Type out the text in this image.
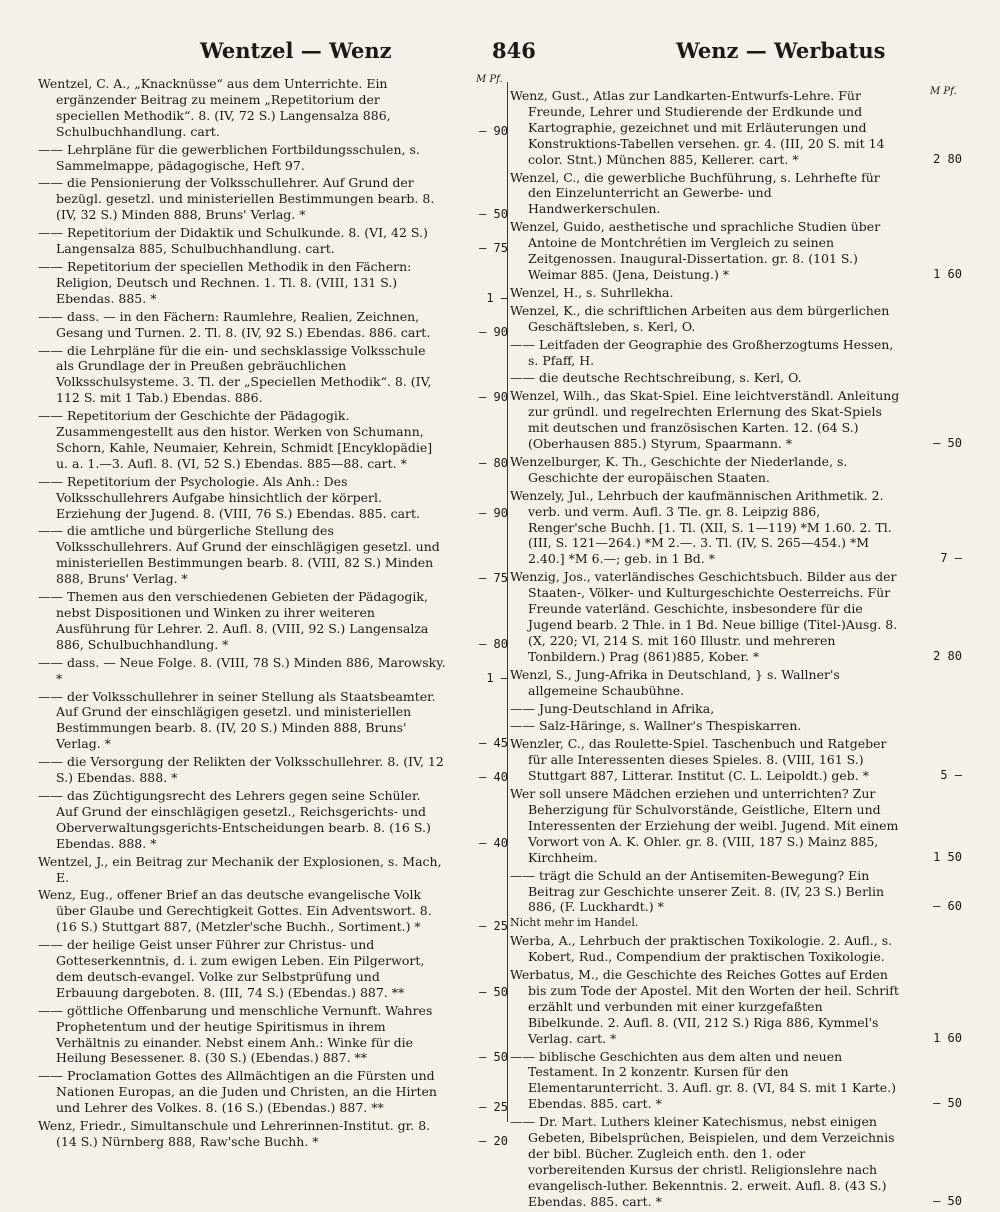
Wentzel — Wenz	846	Wenz — Werbatus
M Pf.
M Pf.
Wentzel, C. A., „Knacknüsse“ aus dem Unterrichte. Ein ergänzender Beitrag zu meinem „Repetitorium der speciellen Methodik“. 8. (IV, 72 S.) Langensalza 886, Schulbuchhandlung. cart.	— 90
—— Lehrpläne für die gewerblichen Fortbildungsschulen, s. Sammelmappe, pädagogische, Heft 97.
—— die Pensionierung der Volksschullehrer. Auf Grund der bezügl. gesetzl. und ministeriellen Bestimmungen bearb. 8. (IV, 32 S.) Minden 888, Bruns' Verlag. *	— 50
—— Repetitorium der Didaktik und Schulkunde. 8. (VI, 42 S.) Langensalza 885, Schulbuchhandlung. cart.	— 75
—— Repetitorium der speciellen Methodik in den Fächern: Religion, Deutsch und Rechnen. 1. Tl. 8. (VIII, 131 S.) Ebendas. 885. *	1 —
—— dass. — in den Fächern: Raumlehre, Realien, Zeichnen, Gesang und Turnen. 2. Tl. 8. (IV, 92 S.) Ebendas. 886. cart.	— 90
—— die Lehrpläne für die ein- und sechsklassige Volksschule als Grundlage der in Preußen gebräuchlichen Volksschulsysteme. 3. Tl. der „Speciellen Methodik“. 8. (IV, 112 S. mit 1 Tab.) Ebendas. 886.	— 90
—— Repetitorium der Geschichte der Pädagogik. Zusammengestellt aus den histor. Werken von Schumann, Schorn, Kahle, Neumaier, Kehrein, Schmidt [Encyklopädie] u. a. 1.—3. Aufl. 8. (VI, 52 S.) Ebendas. 885—88. cart. *	— 80
—— Repetitorium der Psychologie. Als Anh.: Des Volksschullehrers Aufgabe hinsichtlich der körperl. Erziehung der Jugend. 8. (VIII, 76 S.) Ebendas. 885. cart.	— 90
—— die amtliche und bürgerliche Stellung des Volksschullehrers. Auf Grund der einschlägigen gesetzl. und ministeriellen Bestimmungen bearb. 8. (VIII, 82 S.) Minden 888, Bruns' Verlag. *	— 75
—— Themen aus den verschiedenen Gebieten der Pädagogik, nebst Dispositionen und Winken zu ihrer weiteren Ausführung für Lehrer. 2. Aufl. 8. (VIII, 92 S.) Langensalza 886, Schulbuchhandlung. *	— 80
—— dass. — Neue Folge. 8. (VIII, 78 S.) Minden 886, Marowsky. *	1 —
—— der Volksschullehrer in seiner Stellung als Staatsbeamter. Auf Grund der einschlägigen gesetzl. und ministeriellen Bestimmungen bearb. 8. (IV, 20 S.) Minden 888, Bruns' Verlag. *	— 45
—— die Versorgung der Relikten der Volksschullehrer. 8. (IV, 12 S.) Ebendas. 888. *	— 40
—— das Züchtigungsrecht des Lehrers gegen seine Schüler. Auf Grund der einschlägigen gesetzl., Reichsgerichts- und Oberverwaltungsgerichts-Entscheidungen bearb. 8. (16 S.) Ebendas. 888. *	— 40
Wentzel, J., ein Beitrag zur Mechanik der Explosionen, s. Mach, E.
Wenz, Eug., offener Brief an das deutsche evangelische Volk über Glaube und Gerechtigkeit Gottes. Ein Adventswort. 8. (16 S.) Stuttgart 887, (Metzler'sche Buchh., Sortiment.) *	— 25
—— der heilige Geist unser Führer zur Christus- und Gotteserkenntnis, d. i. zum ewigen Leben. Ein Pilgerwort, dem deutsch-evangel. Volke zur Selbstprüfung und Erbauung dargeboten. 8. (III, 74 S.) (Ebendas.) 887. **	— 50
—— göttliche Offenbarung und menschliche Vernunft. Wahres Prophetentum und der heutige Spiritismus in ihrem Verhältnis zu einander. Nebst einem Anh.: Winke für die Heilung Besessener. 8. (30 S.) (Ebendas.) 887. **	— 50
—— Proclamation Gottes des Allmächtigen an die Fürsten und Nationen Europas, an die Juden und Christen, an die Hirten und Lehrer des Volkes. 8. (16 S.) (Ebendas.) 887. **	— 25
Wenz, Friedr., Simultanschule und Lehrerinnen-Institut. gr. 8. (14 S.) Nürnberg 888, Raw'sche Buchh. *	— 20
Wenz, Gust., Atlas zur Landkarten-Entwurfs-Lehre. Für Freunde, Lehrer und Studierende der Erdkunde und Kartographie, gezeichnet und mit Erläuterungen und Konstruktions-Tabellen versehen. gr. 4. (III, 20 S. mit 14 color. Stnt.) München 885, Kellerer. cart. *	2 80
Wenzel, C., die gewerbliche Buchführung, s. Lehrhefte für den Einzelunterricht an Gewerbe- und Handwerkerschulen.
Wenzel, Guido, aesthetische und sprachliche Studien über Antoine de Montchrétien im Vergleich zu seinen Zeitgenossen. Inaugural-Dissertation. gr. 8. (101 S.) Weimar 885. (Jena, Deistung.) *	1 60
Wenzel, H., s. Suhrllekha.
Wenzel, K., die schriftlichen Arbeiten aus dem bürgerlichen Geschäftsleben, s. Kerl, O.
—— Leitfaden der Geographie des Großherzogtums Hessen, s. Pfaff, H.
—— die deutsche Rechtschreibung, s. Kerl, O.
Wenzel, Wilh., das Skat-Spiel. Eine leichtverständl. Anleitung zur gründl. und regelrechten Erlernung des Skat-Spiels mit deutschen und französischen Karten. 12. (64 S.) (Oberhausen 885.) Styrum, Spaarmann. *	— 50
Wenzelburger, K. Th., Geschichte der Niederlande, s. Geschichte der europäischen Staaten.
Wenzely, Jul., Lehrbuch der kaufmännischen Arithmetik. 2. verb. und verm. Aufl. 3 Tle. gr. 8. Leipzig 886, Renger'sche Buchh. [1. Tl. (XII, S. 1—119) *M 1.60. 2. Tl. (III, S. 121—264.) *M 2.—. 3. Tl. (IV, S. 265—454.) *M 2.40.] *M 6.—; geb. in 1 Bd. *	7 —
Wenzig, Jos., vaterländisches Geschichtsbuch. Bilder aus der Staaten-, Völker- und Kulturgeschichte Oesterreichs. Für Freunde vaterländ. Geschichte, insbesondere für die Jugend bearb. 2 Thle. in 1 Bd. Neue billige (Titel-)Ausg. 8. (X, 220; VI, 214 S. mit 160 Illustr. und mehreren Tonbildern.) Prag (861)885, Kober. *	2 80
Wenzl, S., Jung-Afrika in Deutschland, } s. Wallner's allgemeine Schaubühne.
—— Jung-Deutschland in Afrika,
—— Salz-Häringe, s. Wallner's Thespiskarren.
Wenzler, C., das Roulette-Spiel. Taschenbuch und Ratgeber für alle Interessenten dieses Spieles. 8. (VIII, 161 S.) Stuttgart 887, Litterar. Institut (C. L. Leipoldt.) geb. *	5 —
Wer soll unsere Mädchen erziehen und unterrichten? Zur Beherzigung für Schulvorstände, Geistliche, Eltern und Interessenten der Erziehung der weibl. Jugend. Mit einem Vorwort von A. K. Ohler. gr. 8. (VIII, 187 S.) Mainz 885, Kirchheim.	1 50
—— trägt die Schuld an der Antisemiten-Bewegung? Ein Beitrag zur Geschichte unserer Zeit. 8. (IV, 23 S.) Berlin 886, (F. Luckhardt.) *	— 60
Nicht mehr im Handel.
Werba, A., Lehrbuch der praktischen Toxikologie. 2. Aufl., s. Kobert, Rud., Compendium der praktischen Toxikologie.
Werbatus, M., die Geschichte des Reiches Gottes auf Erden bis zum Tode der Apostel. Mit den Worten der heil. Schrift erzählt und verbunden mit einer kurzgefaßten Bibelkunde. 2. Aufl. 8. (VII, 212 S.) Riga 886, Kymmel's Verlag. cart. *	1 60
—— biblische Geschichten aus dem alten und neuen Testament. In 2 konzentr. Kursen für den Elementarunterricht. 3. Aufl. gr. 8. (VI, 84 S. mit 1 Karte.) Ebendas. 885. cart. *	— 50
—— Dr. Mart. Luthers kleiner Katechismus, nebst einigen Gebeten, Bibelsprüchen, Beispielen, und dem Verzeichnis der bibl. Bücher. Zugleich enth. den 1. oder vorbereitenden Kursus der christl. Religionslehre nach evangelisch-luther. Bekenntnis. 2. erweit. Aufl. 8. (43 S.) Ebendas. 885. cart. *	— 50
